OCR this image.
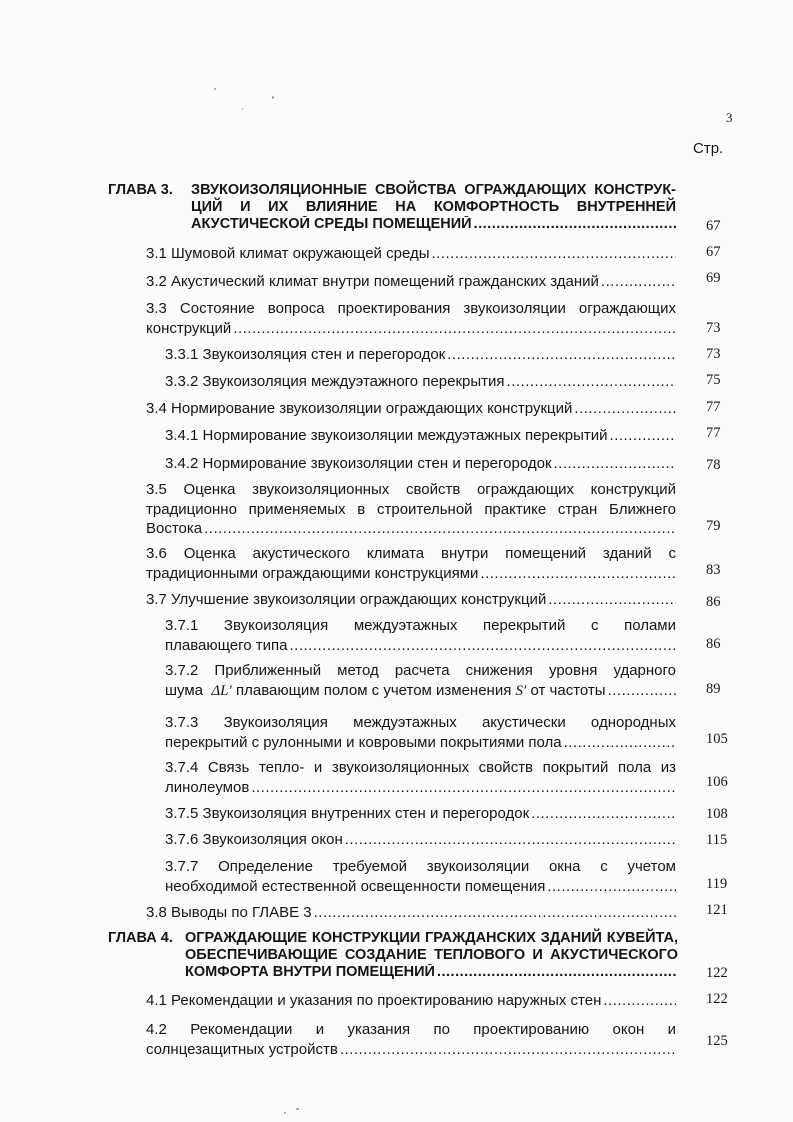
3
Стр.
ГЛАВА 3. ЗВУКОИЗОЛЯЦИОННЫЕ СВОЙСТВА ОГРАЖДАЮЩИХ КОНСТРУК-
ЦИЙ И ИХ ВЛИЯНИЕ НА КОМФОРТНОСТЬ ВНУТРЕННЕЙ
АКУСТИЧЕСКОЙ СРЕДЫ ПОМЕЩЕНИЙ .....	67
3.1 Шумовой климат окружающей среды .....	67
3.2 Акустический климат внутри помещений гражданских зданий .....	69
3.3 Состояние вопроса проектирования звукоизоляции ограждающих
конструкций .....	73
3.3.1 Звукоизоляция стен и перегородок .....	73
3.3.2 Звукоизоляция междуэтажного перекрытия .....	75
3.4 Нормирование звукоизоляции ограждающих конструкций .....	77
3.4.1 Нормирование звукоизоляции междуэтажных перекрытий .....	77
3.4.2 Нормирование звукоизоляции стен и перегородок .....	78
3.5 Оценка звукоизоляционных свойств ограждающих конструкций
традиционно применяемых в строительной практике стран Ближнего
Востока .....	79
3.6 Оценка акустического климата внутри помещений зданий с
традиционными ограждающими конструкциями .....	83
3.7 Улучшение звукоизоляции ограждающих конструкций .....	86
3.7.1 Звукоизоляция междуэтажных перекрытий с полами
плавающего типа .....	86
3.7.2 Приближенный метод расчета снижения уровня ударного
шума ΔL′ плавающим полом с учетом изменения S′ от частоты .....	89
3.7.3 Звукоизоляция междуэтажных акустически однородных
перекрытий с рулонными и ковровыми покрытиями пола .....	105
3.7.4 Связь тепло- и звукоизоляционных свойств покрытий пола из
линолеумов .....	106
3.7.5 Звукоизоляция внутренних стен и перегородок .....	108
3.7.6 Звукоизоляция окон .....	115
3.7.7 Определение требуемой звукоизоляции окна с учетом
необходимой естественной освещенности помещения .....	119
3.8 Выводы по ГЛАВЕ 3 .....	121
ГЛАВА 4. ОГРАЖДАЮЩИЕ КОНСТРУКЦИИ ГРАЖДАНСКИХ ЗДАНИЙ КУВЕЙТА,
ОБЕСПЕЧИВАЮЩИЕ СОЗДАНИЕ ТЕПЛОВОГО И АКУСТИЧЕСКОГО
КОМФОРТА ВНУТРИ ПОМЕЩЕНИЙ
.....	122
4.1 Рекомендации и указания по проектированию наружных стен .....	122
4.2 Рекомендации и указания по проектированию окон и
солнцезащитных устройств .....	125
